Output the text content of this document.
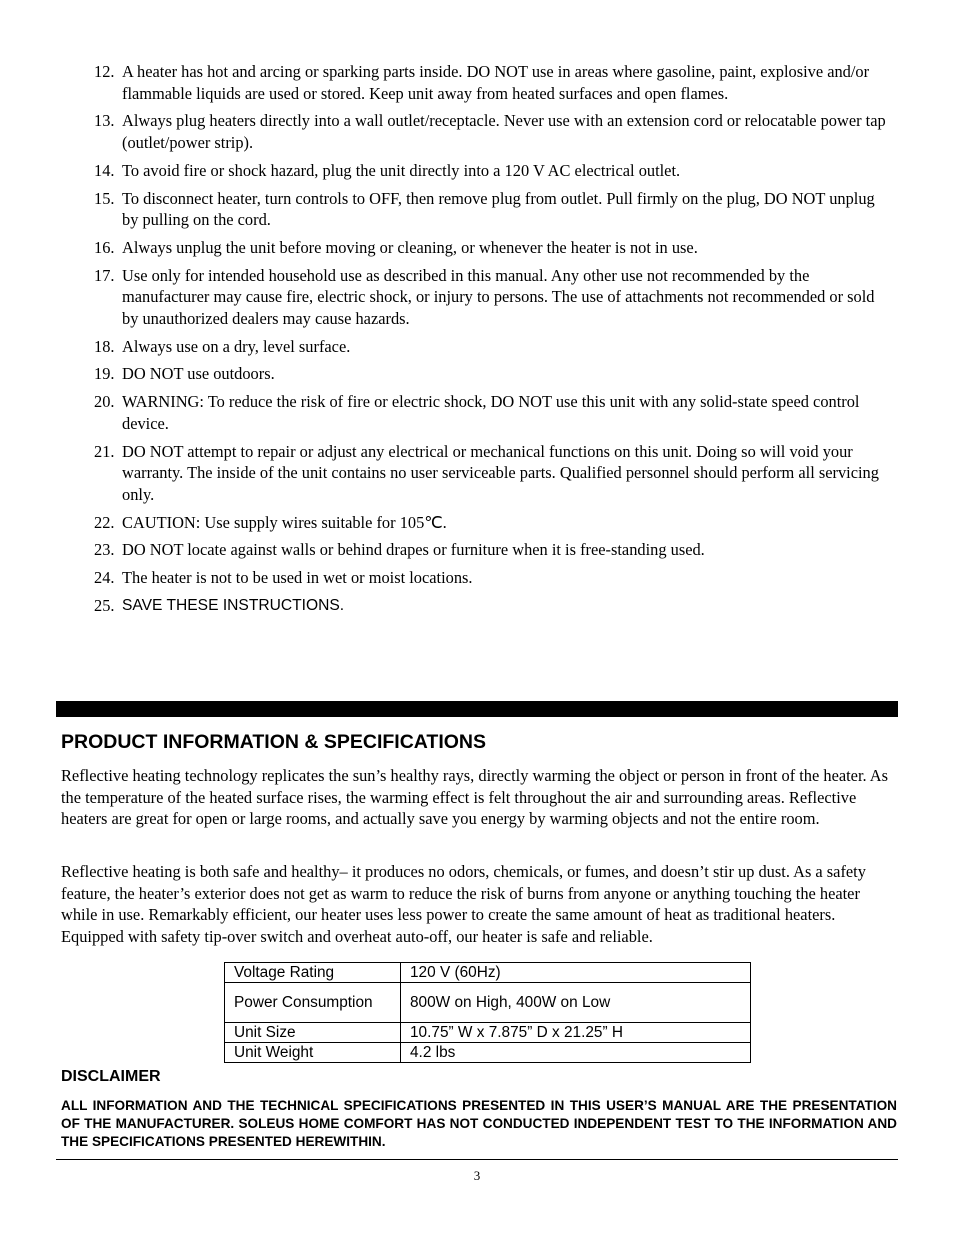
12. A heater has hot and arcing or sparking parts inside. DO NOT use in areas where gasoline, paint, explosive and/or flammable liquids are used or stored. Keep unit away from heated surfaces and open flames.
13. Always plug heaters directly into a wall outlet/receptacle. Never use with an extension cord or relocatable power tap (outlet/power strip).
14. To avoid fire or shock hazard, plug the unit directly into a 120 V AC electrical outlet.
15. To disconnect heater, turn controls to OFF, then remove plug from outlet. Pull firmly on the plug, DO NOT unplug by pulling on the cord.
16. Always unplug the unit before moving or cleaning, or whenever the heater is not in use.
17. Use only for intended household use as described in this manual. Any other use not recommended by the manufacturer may cause fire, electric shock, or injury to persons. The use of attachments not recommended or sold by unauthorized dealers may cause hazards.
18. Always use on a dry, level surface.
19. DO NOT use outdoors.
20. WARNING: To reduce the risk of fire or electric shock, DO NOT use this unit with any solid-state speed control device.
21. DO NOT attempt to repair or adjust any electrical or mechanical functions on this unit. Doing so will void your warranty. The inside of the unit contains no user serviceable parts. Qualified personnel should perform all servicing only.
22. CAUTION: Use supply wires suitable for 105℃.
23. DO NOT locate against walls or behind drapes or furniture when it is free-standing used.
24. The heater is not to be used in wet or moist locations.
25. SAVE THESE INSTRUCTIONS.
PRODUCT INFORMATION & SPECIFICATIONS

Reflective heating technology replicates the sun’s healthy rays, directly warming the object or person in front of the heater. As the temperature of the heated surface rises, the warming effect is felt throughout the air and surrounding areas. Reflective heaters are great for open or large rooms, and actually save you energy by warming objects and not the entire room.

Reflective heating is both safe and healthy– it produces no odors, chemicals, or fumes, and doesn’t stir up dust. As a safety feature, the heater’s exterior does not get as warm to reduce the risk of burns from anyone or anything touching the heater while in use. Remarkably efficient, our heater uses less power to create the same amount of heat as traditional heaters. Equipped with safety tip-over switch and overheat auto-off, our heater is safe and reliable.

Voltage Rating	120 V (60Hz)
Power Consumption	800W on High, 400W on Low
Unit Size	10.75” W x 7.875” D x 21.25” H
Unit Weight	4.2 lbs
DISCLAIMER

ALL INFORMATION AND THE TECHNICAL SPECIFICATIONS PRESENTED IN THIS USER’S MANUAL ARE THE PRESENTATION OF THE MANUFACTURER. SOLEUS HOME COMFORT HAS NOT CONDUCTED INDEPENDENT TEST TO THE INFORMATION AND THE SPECIFICATIONS PRESENTED HEREWITHIN.

3
